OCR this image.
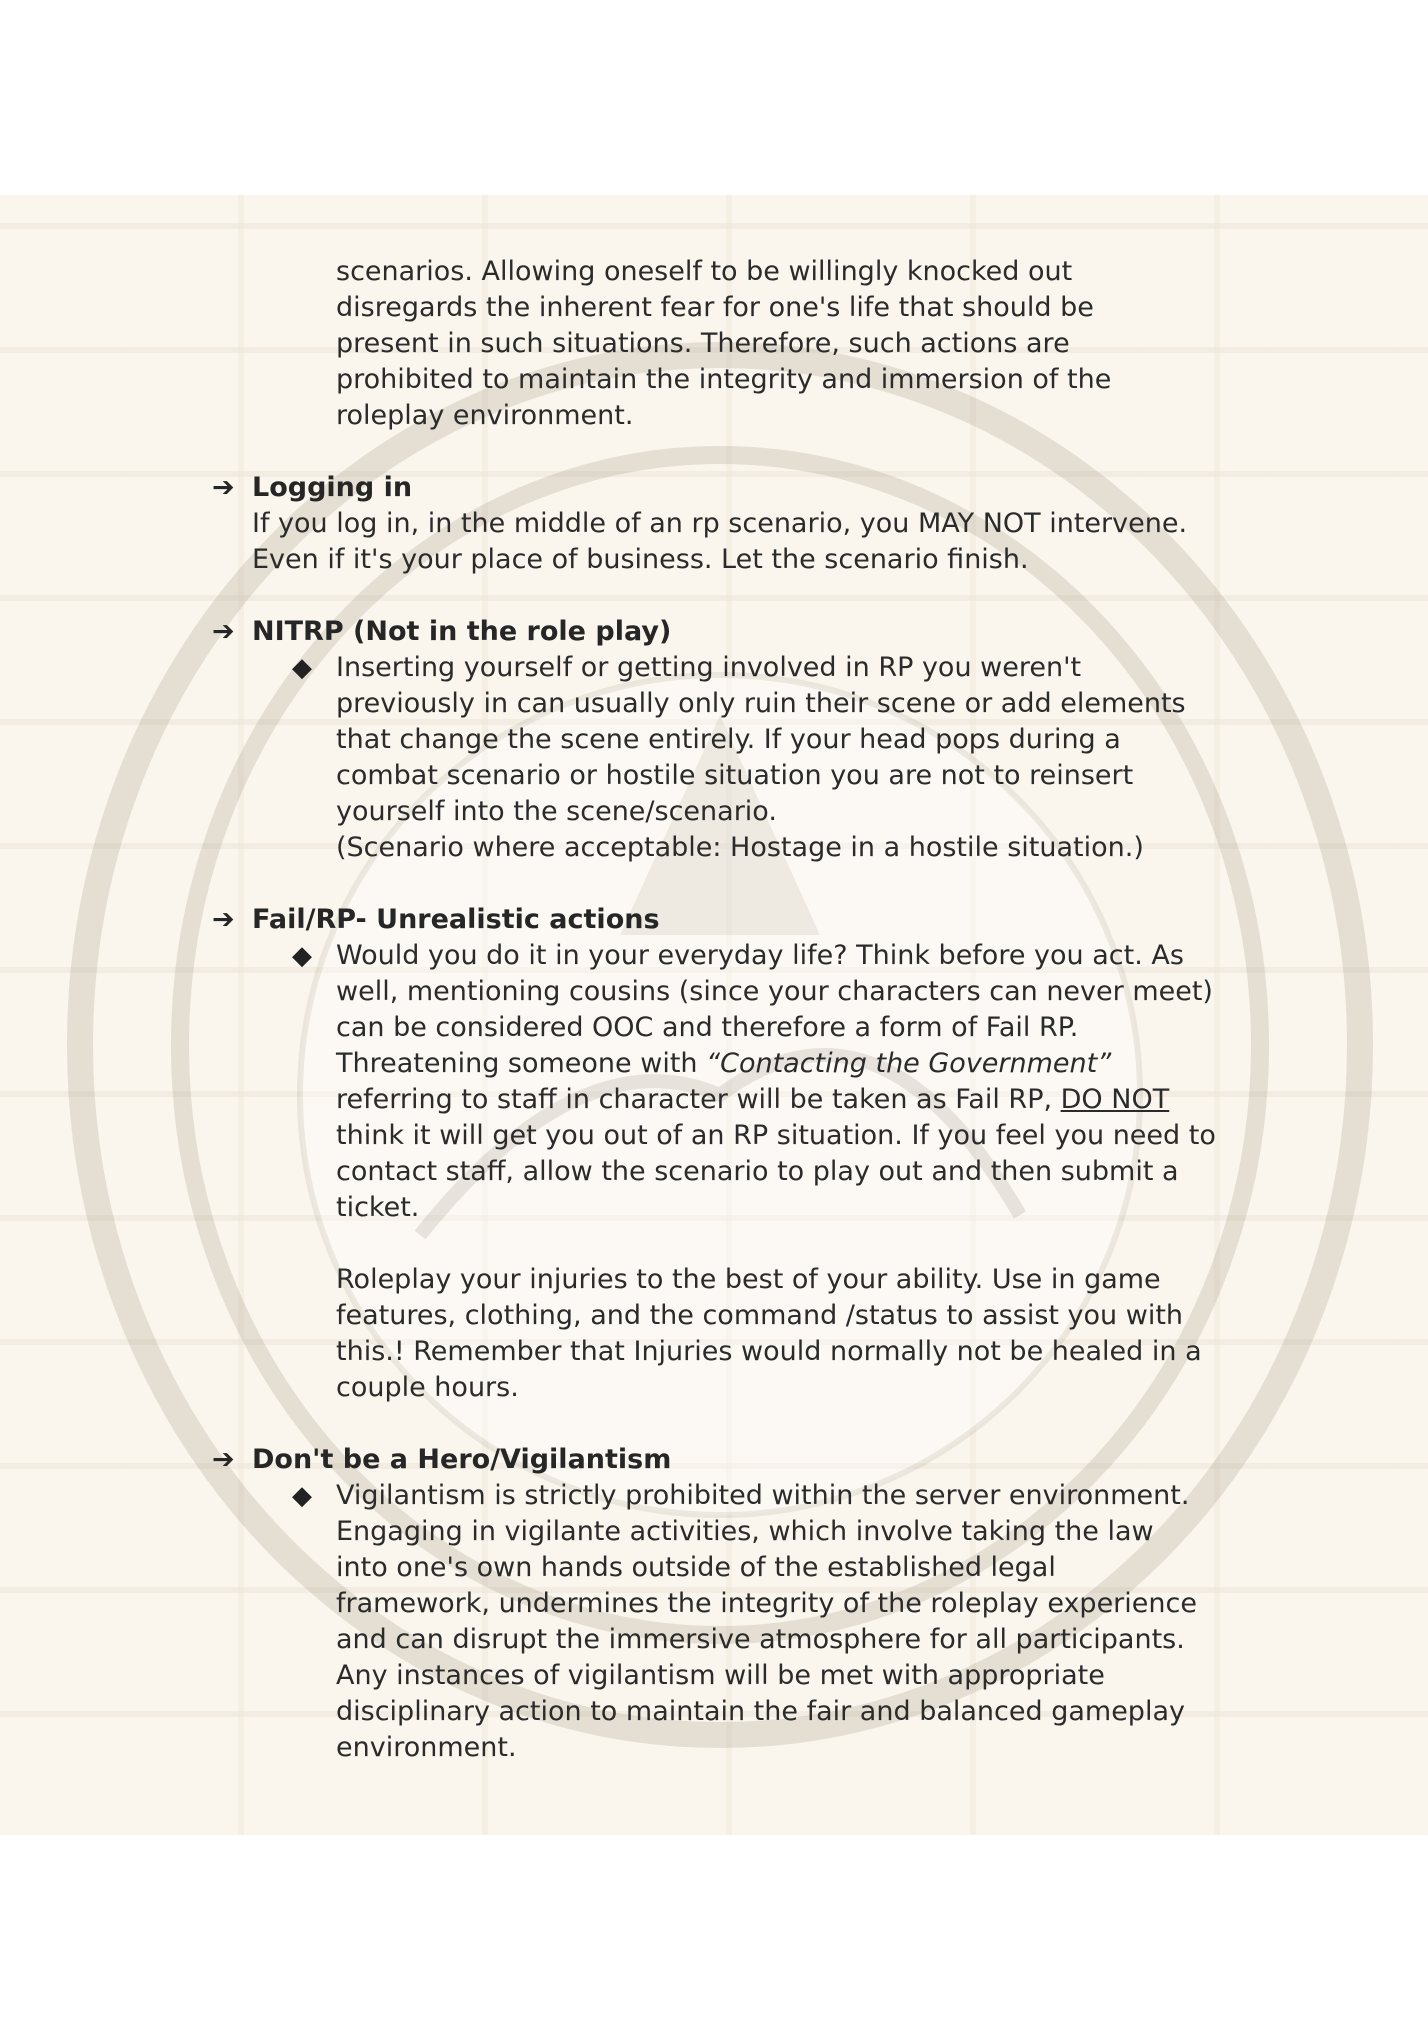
scenarios. Allowing oneself to be willingly knocked out

disregards the inherent fear for one's life that should be

present in such situations. Therefore, such actions are

prohibited to maintain the integrity and immersion of the

roleplay environment.

➔ Logging in

If you log in, in the middle of an rp scenario, you MAY NOT intervene.

Even if it's your place of business. Let the scenario finish.

➔ NITRP (Not in the role play)
◆ Inserting yourself or getting involved in RP you weren't

previously in can usually only ruin their scene or add elements

that change the scene entirely. If your head pops during a

combat scenario or hostile situation you are not to reinsert

yourself into the scene/scenario.

(Scenario where acceptable: Hostage in a hostile situation.)

➔ Fail/RP- Unrealistic actions
◆ Would you do it in your everyday life? Think before you act. As

well, mentioning cousins (since your characters can never meet)

can be considered OOC and therefore a form of Fail RP.

Threatening someone with “Contacting the Government”

referring to staff in character will be taken as Fail RP, DO NOT

think it will get you out of an RP situation. If you feel you need to

contact staff, allow the scenario to play out and then submit a

ticket.

Roleplay your injuries to the best of your ability. Use in game

features, clothing, and the command /status to assist you with

this.! Remember that Injuries would normally not be healed in a

couple hours.

➔ Don't be a Hero/Vigilantism
◆ Vigilantism is strictly prohibited within the server environment.

Engaging in vigilante activities, which involve taking the law

into one's own hands outside of the established legal

framework, undermines the integrity of the roleplay experience

and can disrupt the immersive atmosphere for all participants.

Any instances of vigilantism will be met with appropriate

disciplinary action to maintain the fair and balanced gameplay

environment.
